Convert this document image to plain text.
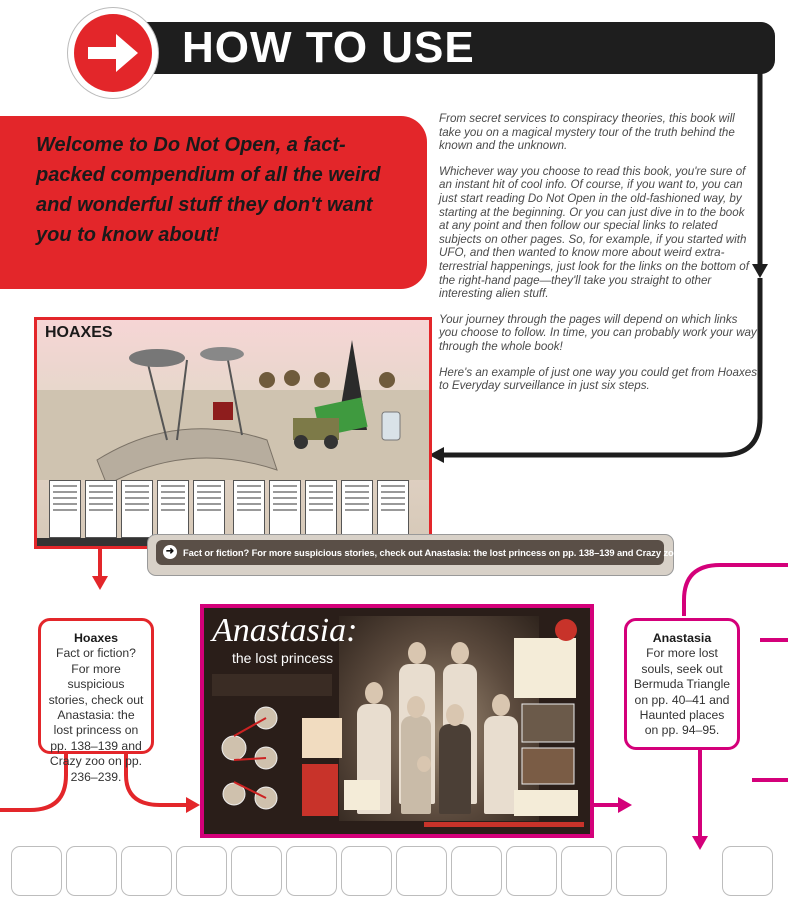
HOW TO USE

Welcome to Do Not Open, a fact-packed compendium of all the weird and wonderful stuff they don't want you to know about!

From secret services to conspiracy theories, this book will take you on a magical mystery tour of the truth behind the known and the unknown.

Whichever way you choose to read this book, you're sure of an instant hit of cool info. Of course, if you want to, you can just start reading Do Not Open in the old-fashioned way, by starting at the beginning. Or you can just dive in to the book at any point and then follow our special links to related subjects on other pages. So, for example, if you started with UFO, and then wanted to know more about weird extra-terrestrial happenings, just look for the links on the bottom of the right-hand page—they'll take you straight to other interesting alien stuff.

Your journey through the pages will depend on which links you choose to follow. In time, you can probably work your way through the whole book!

Here's an example of just one way you could get from Hoaxes to Everyday surveillance in just six steps.

HOAXES
➜ Fact or fiction? For more suspicious stories, check out Anastasia: the lost princess on pp. 138–139 and Crazy zoo on pp. 236–239.
Hoaxes

Fact or fiction? For more suspicious stories, check out Anastasia: the lost princess on pp. 138–139 and Crazy zoo on pp. 236–239.

Anastasia:
the lost princess
Anastasia

For more lost souls, seek out Bermuda Triangle on pp. 40–41 and Haunted places on pp. 94–95.
